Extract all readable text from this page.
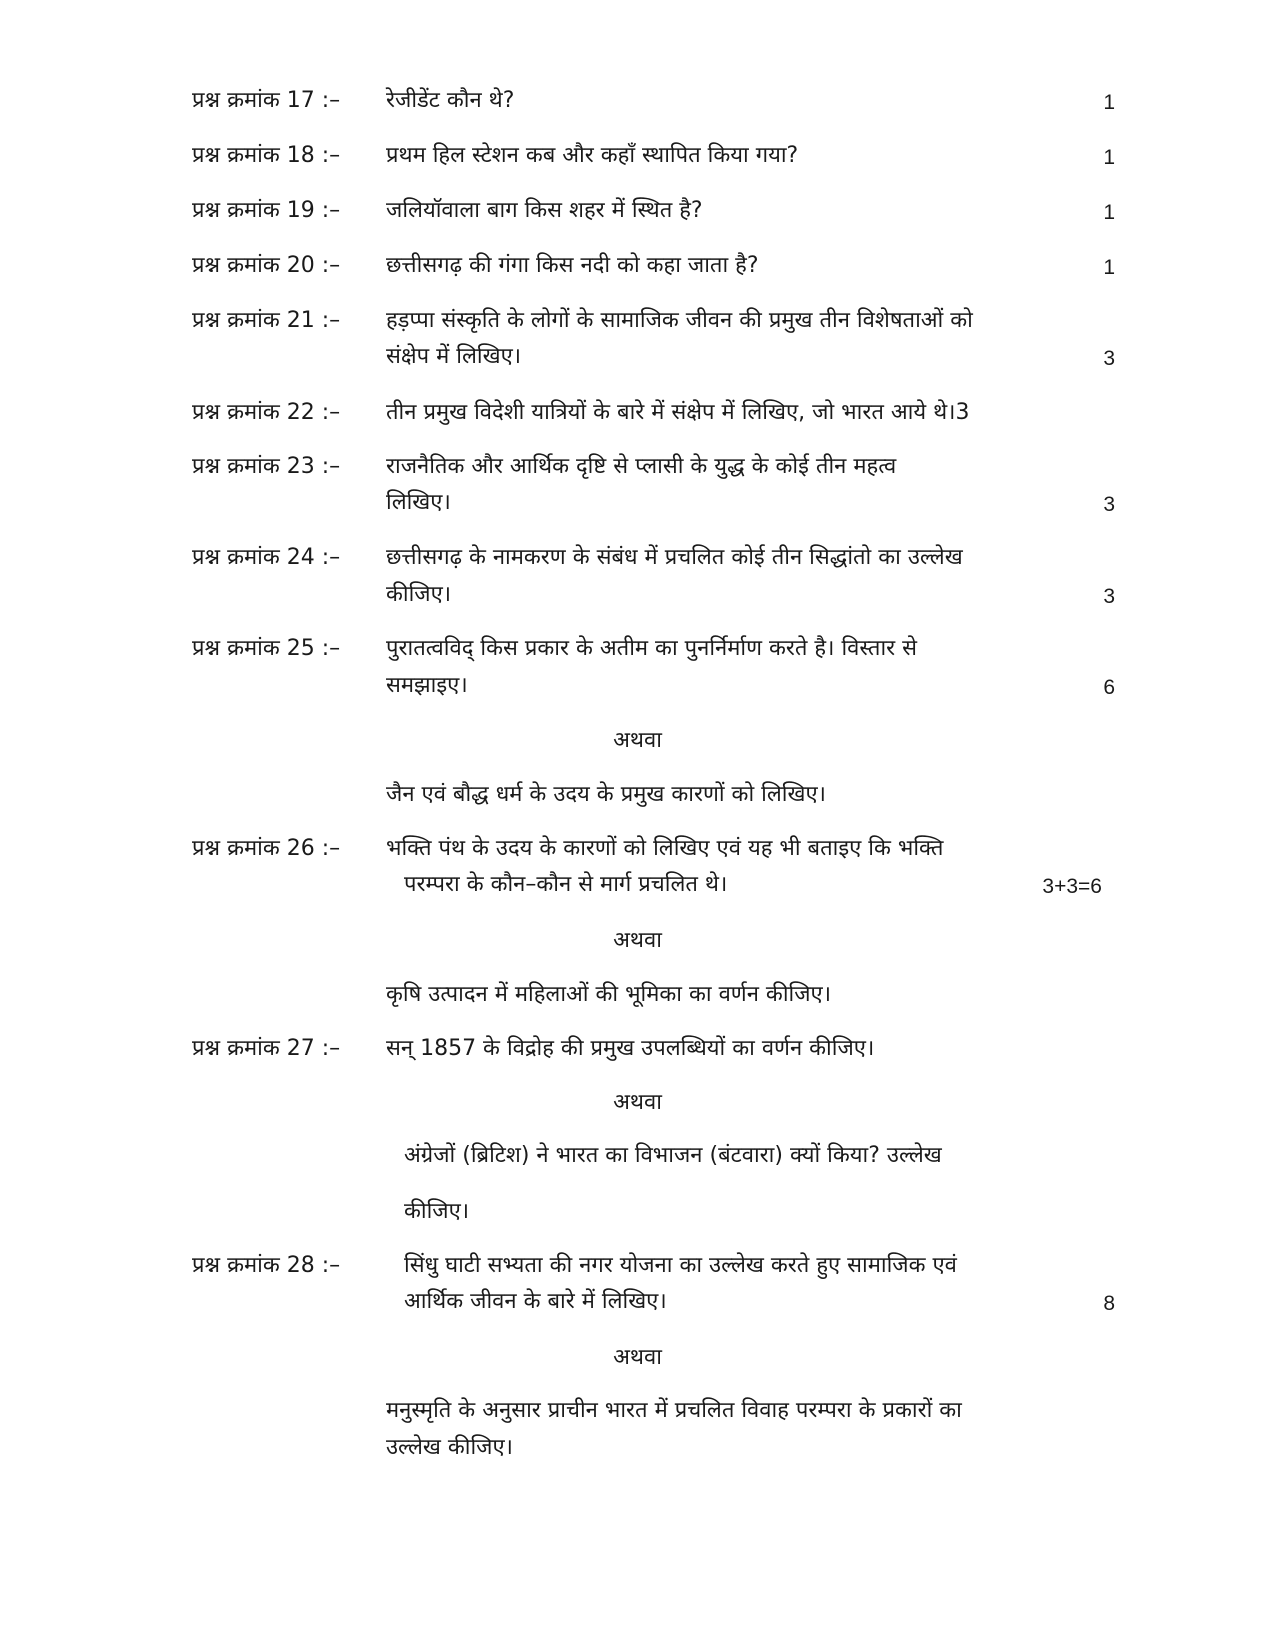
प्रश्न क्रमांक 17 :– रेजीडेंट कौन थे?	1
प्रश्न क्रमांक 18 :– प्रथम हिल स्टेशन कब और कहाँ स्थापित किया गया?	1
प्रश्न क्रमांक 19 :– जलियॉवाला बाग किस शहर में स्थित है?	1
प्रश्न क्रमांक 20 :– छत्तीसगढ़ की गंगा किस नदी को कहा जाता है?	1
प्रश्न क्रमांक 21 :– हड़प्पा संस्कृति के लोगों के सामाजिक जीवन की प्रमुख तीन विशेषताओं को
संक्षेप में लिखिए।	3
प्रश्न क्रमांक 22 :– तीन प्रमुख विदेशी यात्रियों के बारे में संक्षेप में लिखिए, जो भारत आये थे।3
प्रश्न क्रमांक 23 :– राजनैतिक और आर्थिक दृष्टि से प्लासी के युद्ध के कोई तीन महत्व
लिखिए।	3
प्रश्न क्रमांक 24 :– छत्तीसगढ़ के नामकरण के संबंध में प्रचलित कोई तीन सिद्धांतो का उल्लेख
कीजिए।	3
प्रश्न क्रमांक 25 :– पुरातत्वविद् किस प्रकार के अतीम का पुनर्निर्माण करते है। विस्तार से
समझाइए।	6
अथवा
जैन एवं बौद्ध धर्म के उदय के प्रमुख कारणों को लिखिए।
प्रश्न क्रमांक 26 :– भक्ति पंथ के उदय के कारणों को लिखिए एवं यह भी बताइए कि भक्ति
परम्परा के कौन–कौन से मार्ग प्रचलित थे।	3+3=6
अथवा
कृषि उत्पादन में महिलाओं की भूमिका का वर्णन कीजिए।
प्रश्न क्रमांक 27 :– सन् 1857 के विद्रोह की प्रमुख उपलब्धियों का वर्णन कीजिए।
अथवा
अंग्रेजों (ब्रिटिश) ने भारत का विभाजन (बंटवारा) क्यों किया? उल्लेख
कीजिए।
प्रश्न क्रमांक 28 :–	सिंधु घाटी सभ्यता की नगर योजना का उल्लेख करते हुए सामाजिक एवं
आर्थिक जीवन के बारे में लिखिए।	8
अथवा
मनुस्मृति के अनुसार प्राचीन भारत में प्रचलित विवाह परम्परा के प्रकारों का
उल्लेख कीजिए।
